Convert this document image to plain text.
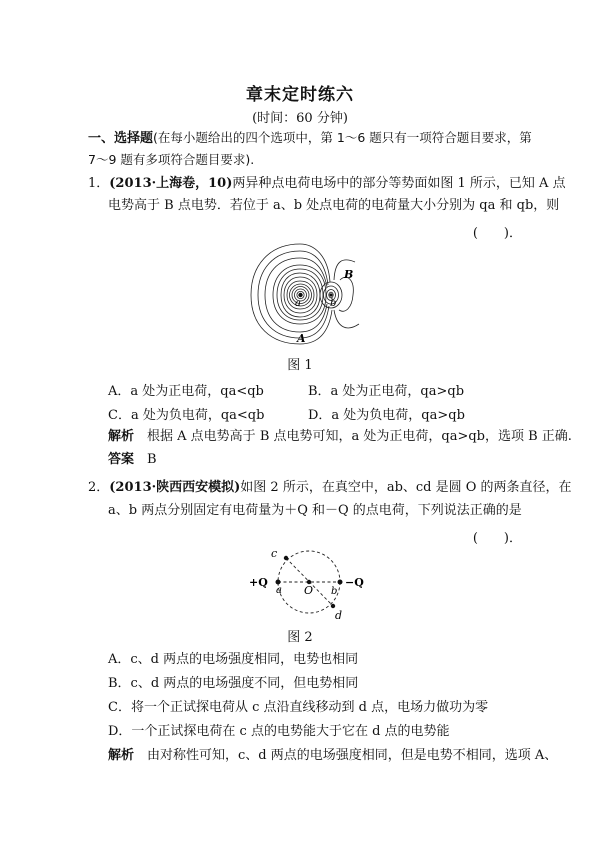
章末定时练六
(时间：60 分钟)
一、选择题(在每小题给出的四个选项中，第 1～6 题只有一项符合题目要求，第
7～9 题有多项符合题目要求).
1．(2013·上海卷，10)两异种点电荷电场中的部分等势面如图 1 所示，已知 A 点
电势高于 B 点电势．若位于 a、b 处点电荷的电荷量大小分别为 qa 和 qb，则
(　　)．
a	b
B
A
图 1
A．a 处为正电荷，qa<qb	B．a 处为正电荷，qa>qb
C．a 处为负电荷，qa<qb	D．a 处为负电荷，qa>qb
解析　 根据 A 点电势高于 B 点电势可知，a 处为正电荷，qa>qb，选项 B 正确.
答案　 B
2．(2013·陕西西安模拟)如图 2 所示，在真空中，ab、cd 是圆 O 的两条直径，在
a、b 两点分别固定有电荷量为＋Q 和－Q 的点电荷，下列说法正确的是
(　　)．
c
+Q
a O b
−Q
d
图 2
A．c、d 两点的电场强度相同，电势也相同
B．c、d 两点的电场强度不同，但电势相同
C．将一个正试探电荷从 c 点沿直线移动到 d 点，电场力做功为零
D．一个正试探电荷在 c 点的电势能大于它在 d 点的电势能
解析　 由对称性可知，c、d 两点的电场强度相同，但是电势不相同，选项 A、
